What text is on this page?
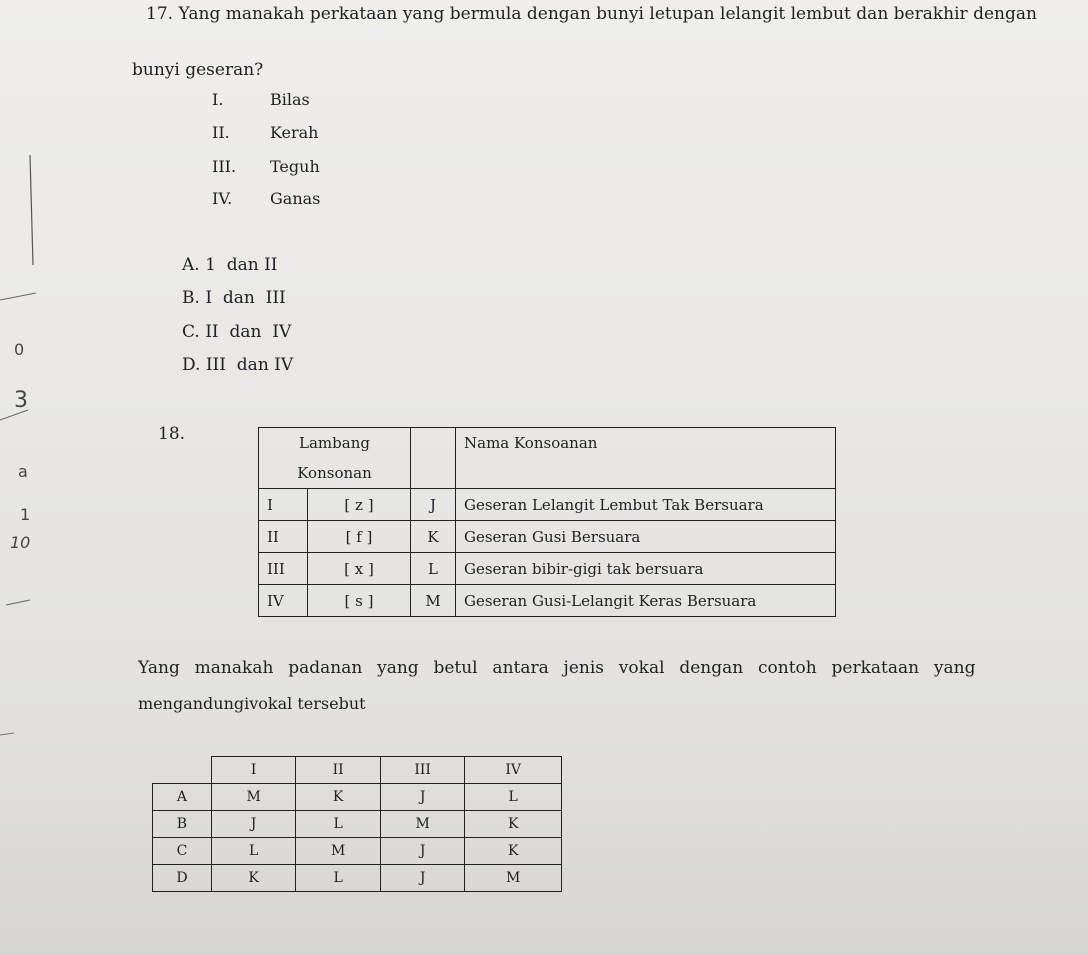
3
0
a
1
10
17. Yang manakah perkataan yang bermula dengan bunyi letupan lelangit lembut dan berakhir dengan
bunyi geseran?
I.	Bilas
II.	Kerah
III. Teguh
IV. Ganas
A. 1  dan II
B. I  dan  III
C. II  dan  IV
D. III  dan IV
18.	Lambang
Konsonan			Nama Konsoanan
I	[ z ]	J	Geseran Lelangit Lembut Tak Bersuara
II	[ f ]	K	Geseran Gusi Bersuara
III	[ x ]	L	Geseran bibir-gigi tak bersuara
IV	[ s ]	M	Geseran Gusi-Lelangit Keras Bersuara
Yang  manakah  padanan  yang  betul  antara  jenis  vokal  dengan  contoh  perkataan  yang
mengandungivokal tersebut
	I	II	III	IV
A	M	K	J	L
B	J	L	M	K
C	L	M	J	K
D	K	L	J	M
